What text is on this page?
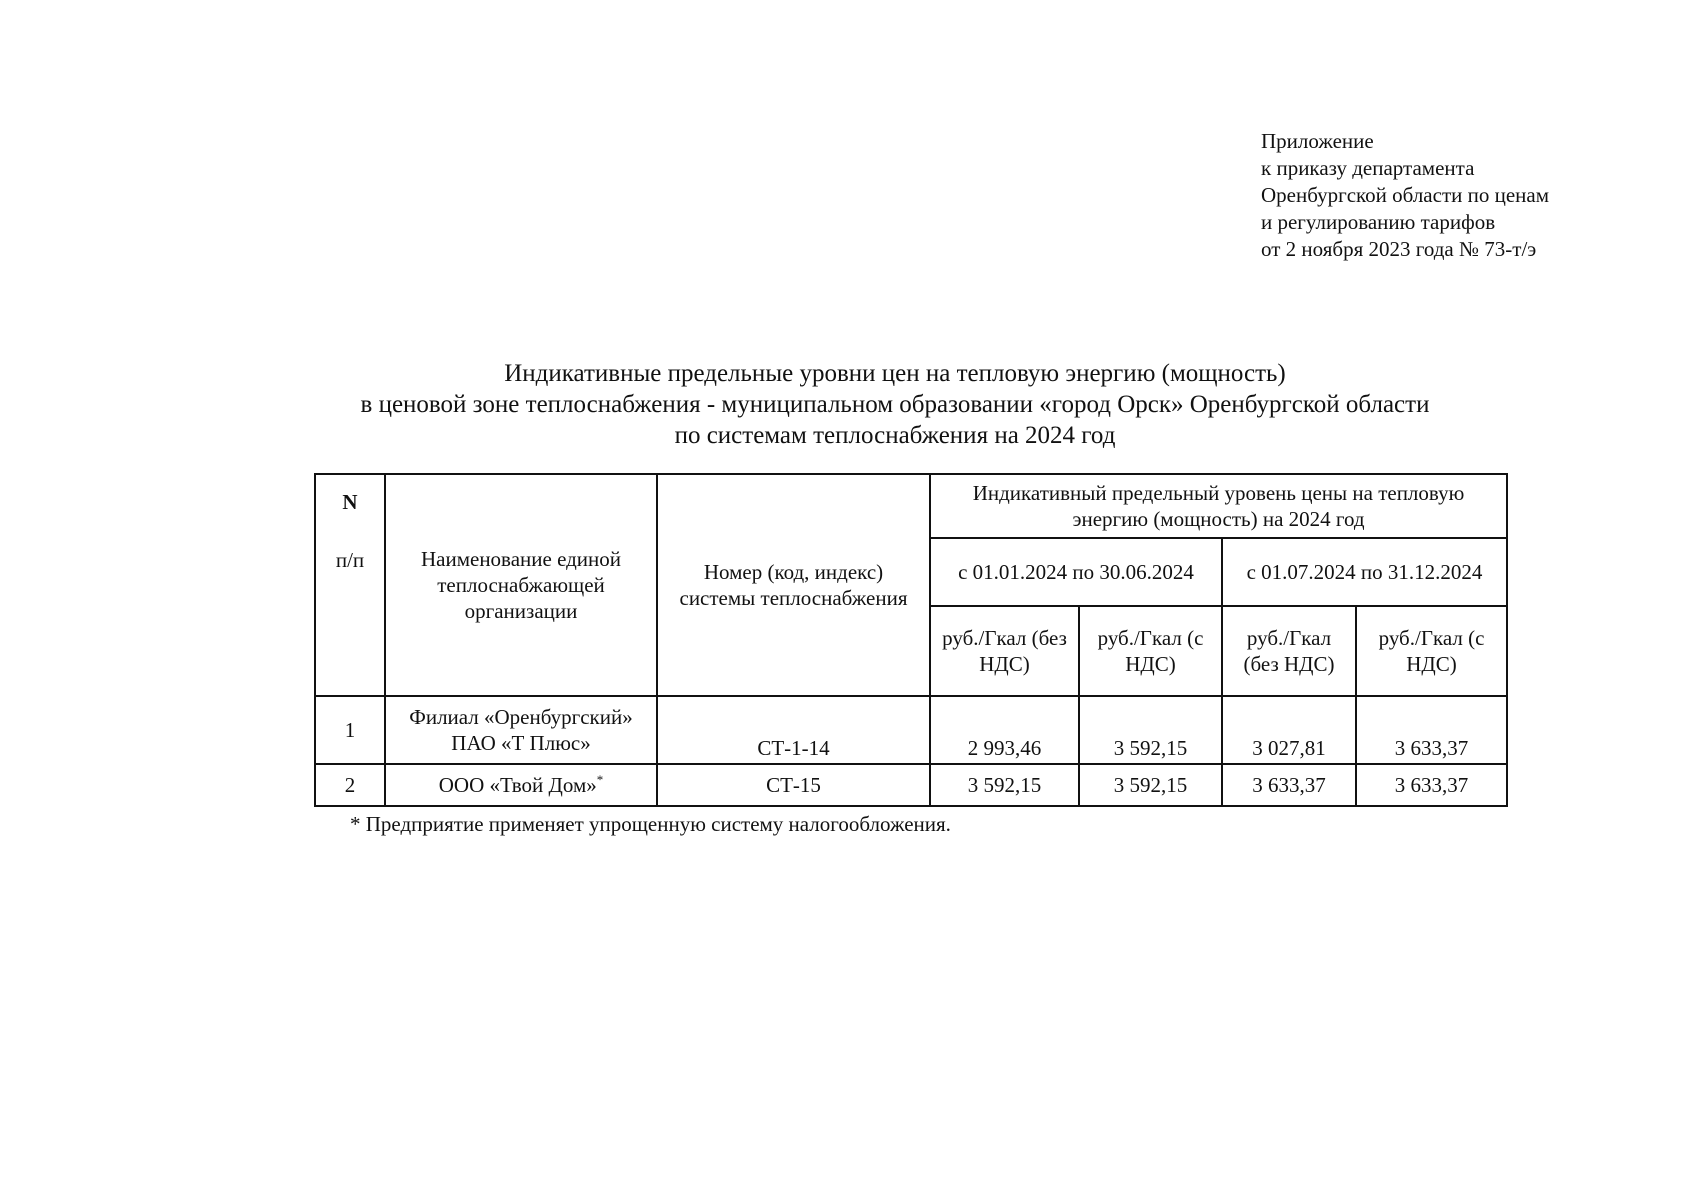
Приложение
к приказу департамента
Оренбургской области по ценам
и регулированию тарифов
от 2 ноября 2023 года № 73-т/э
Индикативные предельные уровни цен на тепловую энергию (мощность)
в ценовой зоне теплоснабжения - муниципальном образовании «город Орск» Оренбургской области
по системам теплоснабжения на 2024 год
N
п/п	Наименование единой теплоснабжающей организации	Номер (код, индекс) системы теплоснабжения	Индикативный предельный уровень цены на тепловую энергию (мощность) на 2024 год			
			с 01.01.2024 по 30.06.2024		с 01.07.2024 по 31.12.2024	
			руб./Гкал (без НДС)	руб./Гкал (с НДС)	руб./Гкал (без НДС)	руб./Гкал (с НДС)
1	Филиал «Оренбургский» ПАО «Т Плюс»	СТ-1-14	2 993,46	3 592,15	3 027,81	3 633,37
2	ООО «Твой Дом»*	СТ-15	3 592,15	3 592,15	3 633,37	3 633,37
* Предприятие применяет упрощенную систему налогообложения.
